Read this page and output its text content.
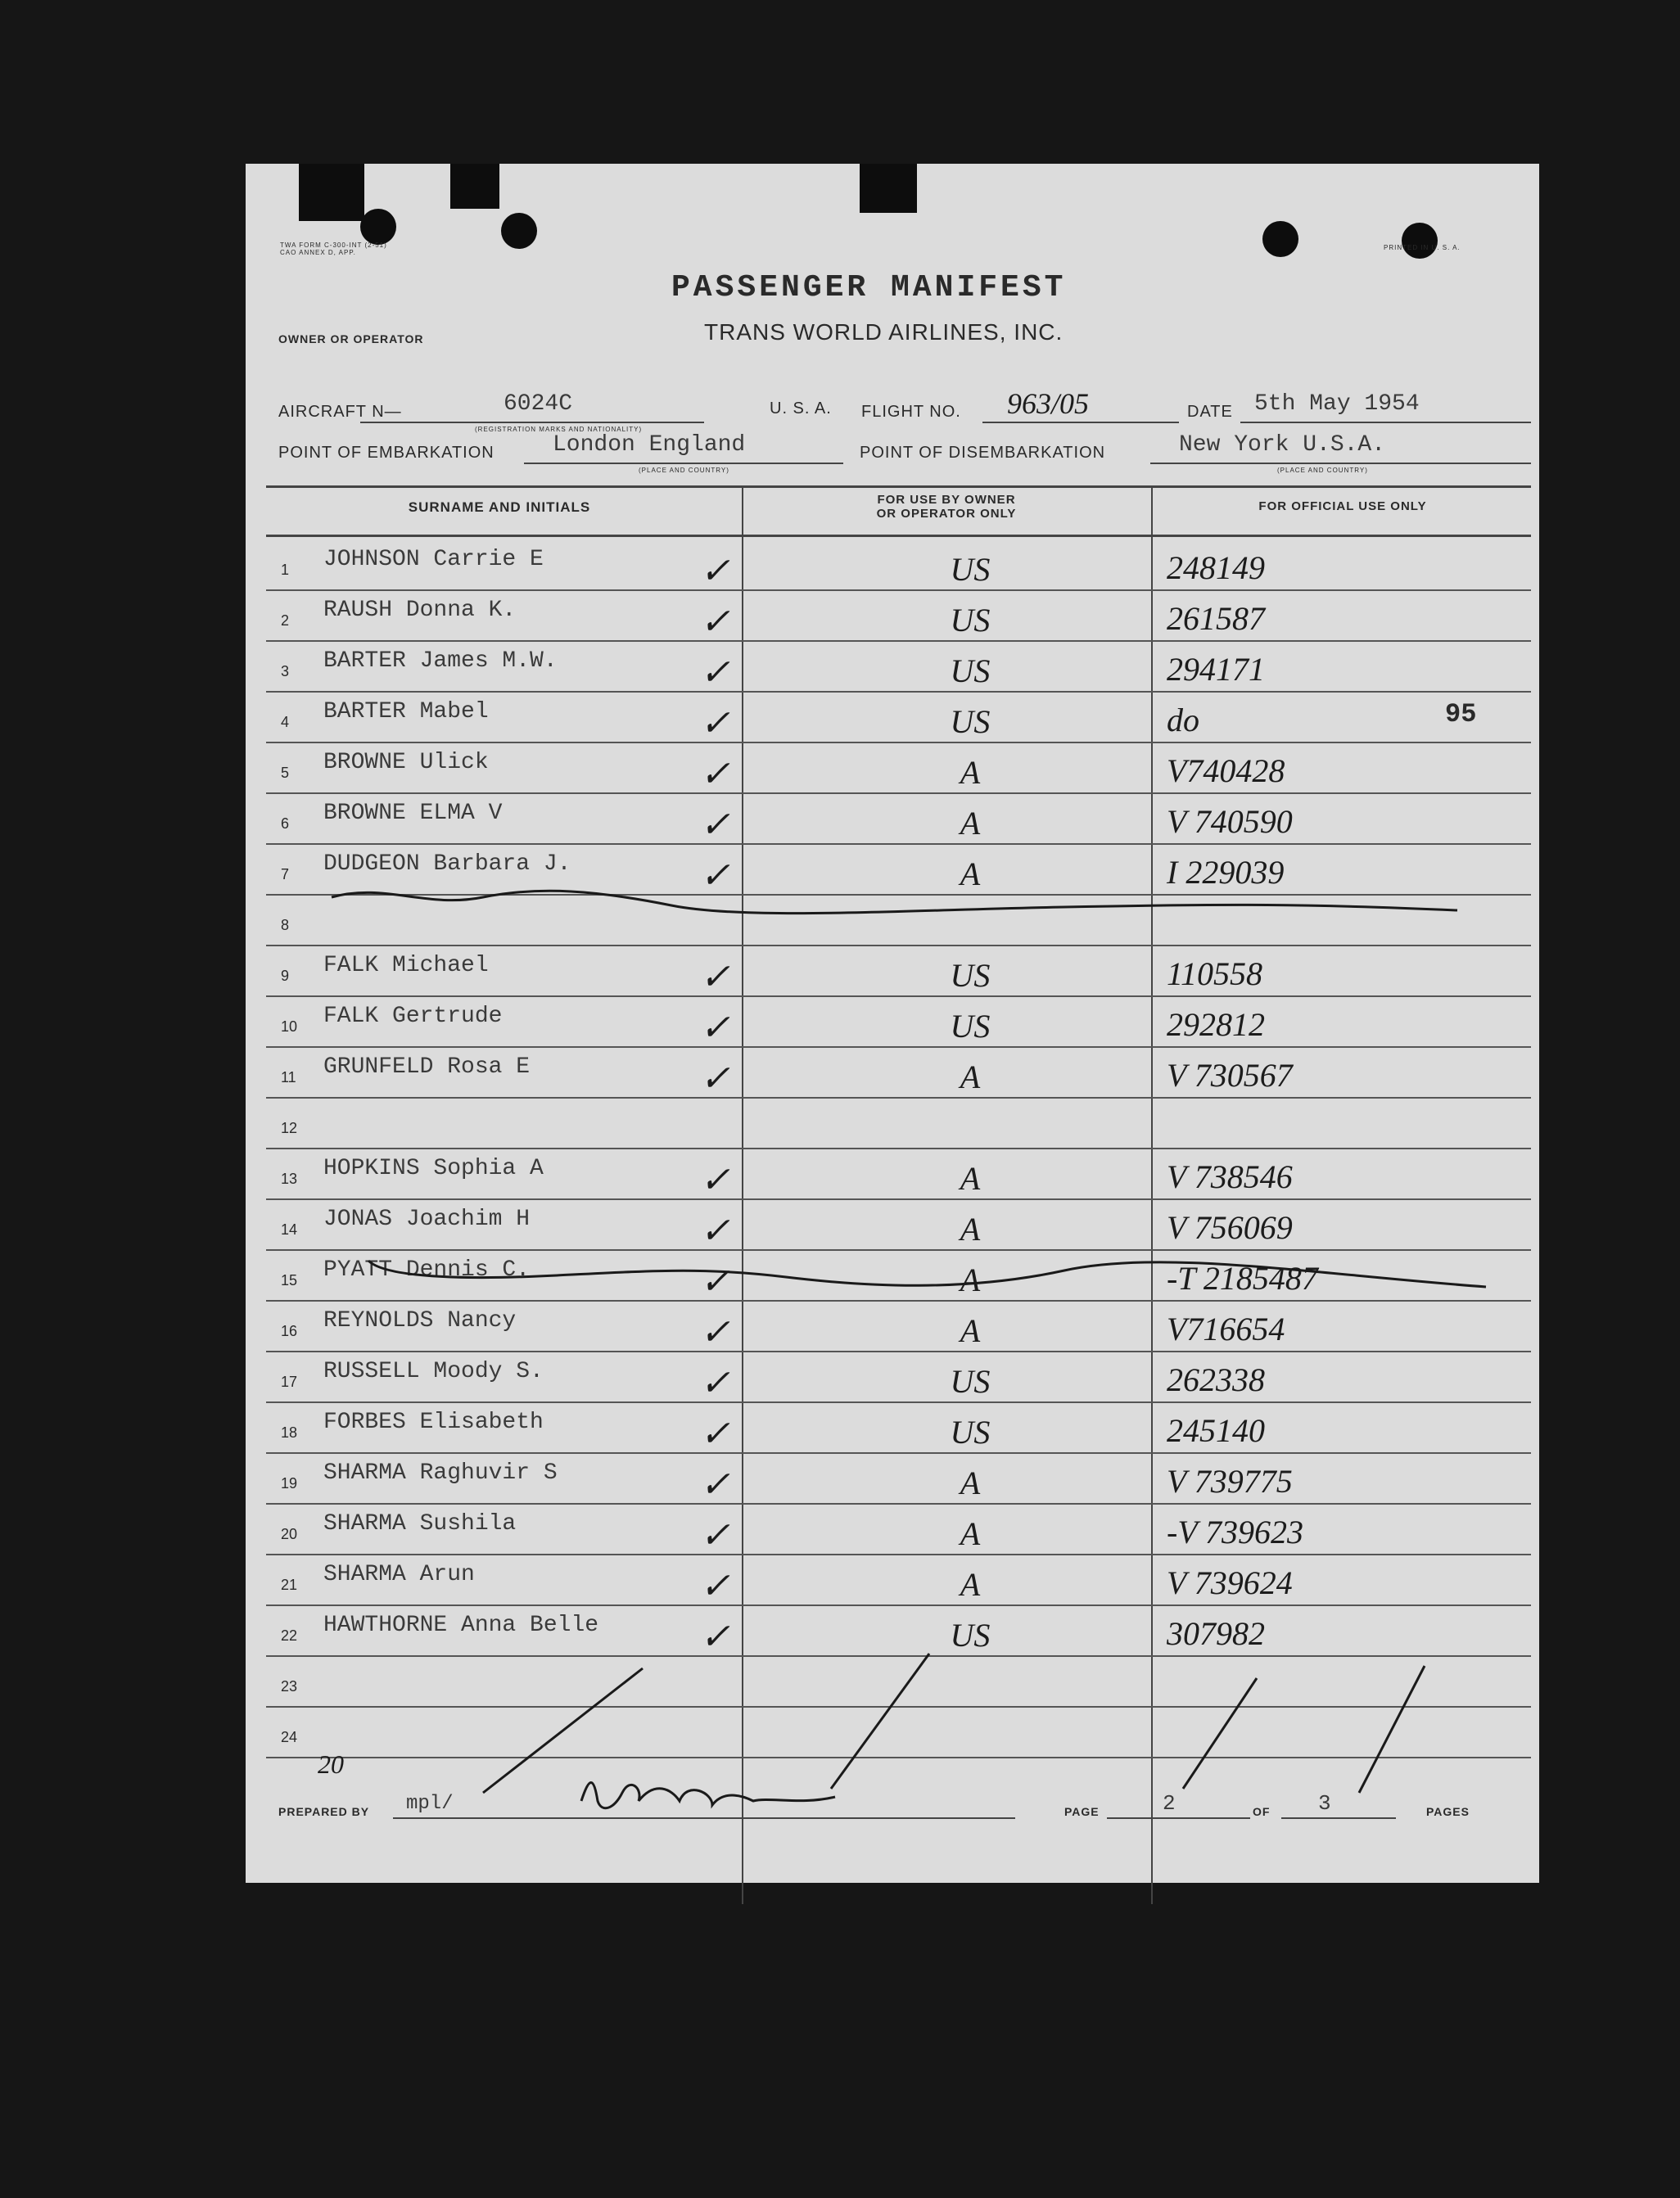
TWA FORM C-300-INT (2-51)
CAO ANNEX D, APP.
PRINTED IN U. S. A.
PASSENGER MANIFEST
OWNER OR OPERATOR	TRANS WORLD AIRLINES, INC.
AIRCRAFT N—	6024C
(REGISTRATION MARKS AND NATIONALITY)
U. S. A. FLIGHT NO. 963/05	DATE 5th May 1954
POINT OF EMBARKATION	London England
(PLACE AND COUNTRY)
POINT OF DISEMBARKATION	New York U.S.A.
(PLACE AND COUNTRY)
SURNAME AND INITIALS	FOR USE BY OWNER
OR OPERATOR ONLY
FOR OFFICIAL USE ONLY
1 JOHNSON Carrie E	✓	US	248149
2 RAUSH Donna K.	✓	US	261587
3 BARTER James M.W.	✓	US	294171
4 BARTER Mabel	✓	US	do	95
5 BROWNE Ulick	✓	A	V740428
6 BROWNE ELMA V	✓	A	V 740590
7 DUDGEON Barbara J.	✓	A	I 229039
8
9 FALK Michael	✓	US	110558
10 FALK Gertrude	✓	US	292812
11 GRUNFELD Rosa E	✓	A	V 730567
12
13 HOPKINS Sophia A	✓	A	V 738546
14 JONAS Joachim H	✓	A	V 756069
15 PYATT Dennis C.	✓	A	-T 2185487
16 REYNOLDS Nancy	✓	A	V716654
17 RUSSELL Moody S.	✓	US	262338
18 FORBES Elisabeth	✓	US	245140
19 SHARMA Raghuvir S	✓	A	V 739775
20 SHARMA Sushila	✓	A	-V 739623
21 SHARMA Arun	✓	A	V 739624
22 HAWTHORNE Anna Belle	✓	US	307982
23
24
20
PREPARED BY mpl/	PAGE	2	OF 3	PAGES
